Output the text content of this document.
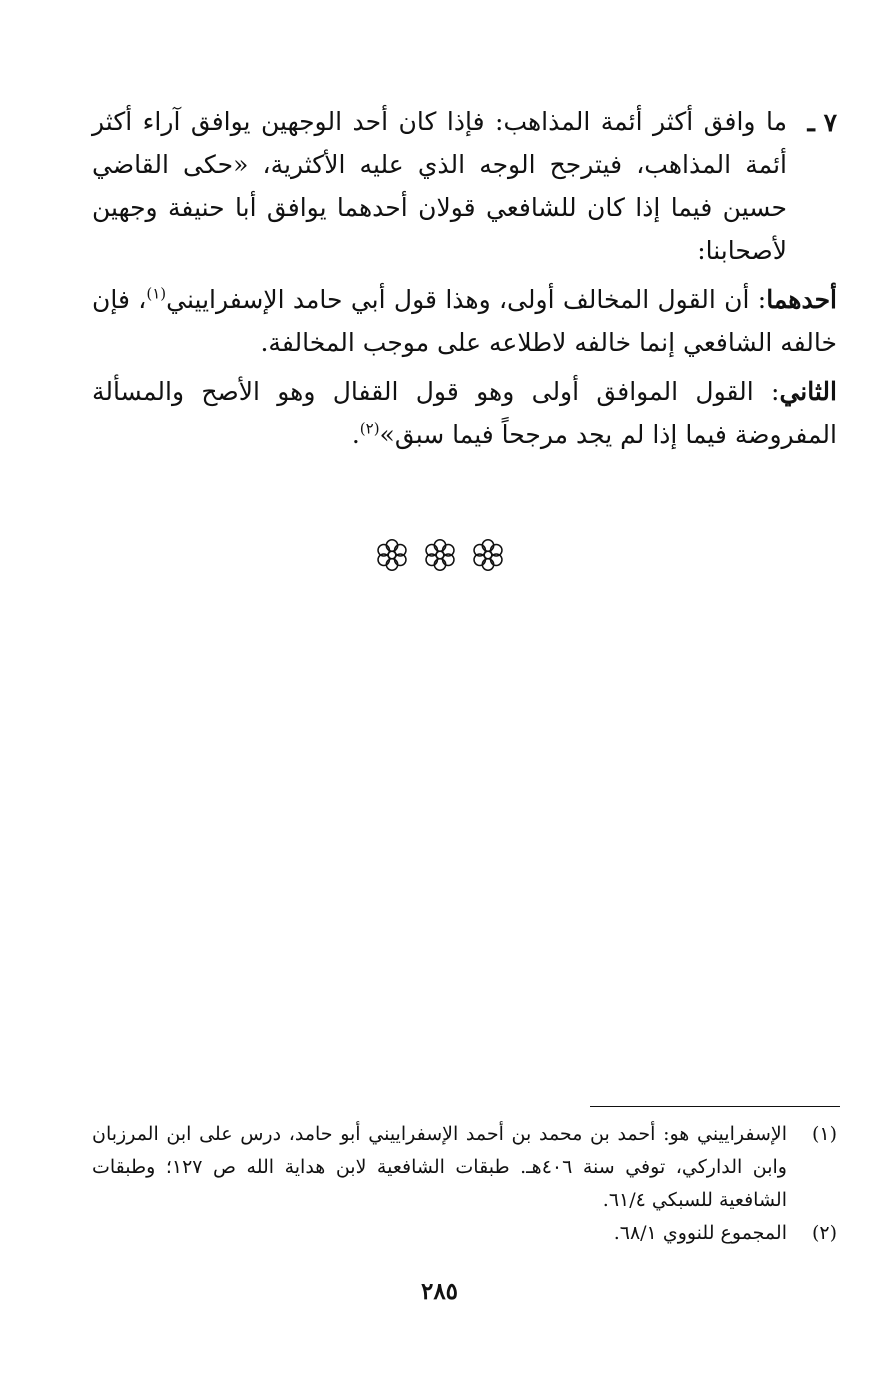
٧ ـ

ما وافق أكثر أئمة المذاهب: فإذا كان أحد الوجهين يوافق آراء أكثر أئمة المذاهب، فيترجح الوجه الذي عليه الأكثرية، «حكى القاضي حسين فيما إذا كان للشافعي قولان أحدهما يوافق أبا حنيفة وجهين لأصحابنا:

أحدهما: أن القول المخالف أولى، وهذا قول أبي حامد الإسفراييني$^{(١)}$، فإن خالفه الشافعي إنما خالفه لاطلاعه على موجب المخالفة.

الثاني: القول الموافق أولى وهو قول القفال وهو الأصح والمسألة المفروضة فيما إذا لم يجد مرجحاً فيما سبق»$^{(٢)}$.

(١)
الإسفراييني هو: أحمد بن محمد بن أحمد الإسفراييني أبو حامد، درس على ابن المرزبان وابن الداركي، توفي سنة ٤٠٦هـ. طبقات الشافعية لابن هداية الله ص ١٢٧؛ وطبقات الشافعية للسبكي ٦١/٤.
(٢)
المجموع للنووي ٦٨/١.
٢٨٥
